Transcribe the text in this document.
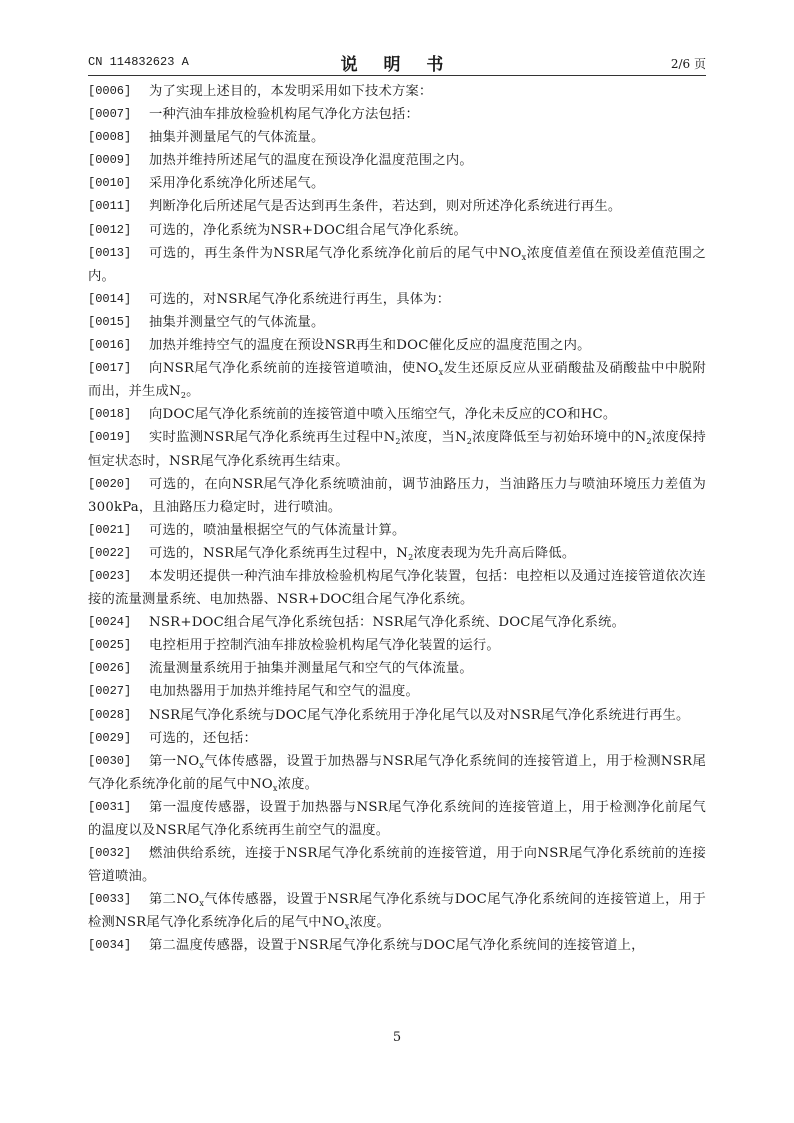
CN 114832623 A	说 明 书	2/6 页
[0006] 为了实现上述目的，本发明采用如下技术方案：
[0007] 一种汽油车排放检验机构尾气净化方法包括：
[0008] 抽集并测量尾气的气体流量。
[0009] 加热并维持所述尾气的温度在预设净化温度范围之内。
[0010] 采用净化系统净化所述尾气。
[0011] 判断净化后所述尾气是否达到再生条件，若达到，则对所述净化系统进行再生。
[0012] 可选的，净化系统为NSR+DOC组合尾气净化系统。
[0013] 可选的，再生条件为NSR尾气净化系统净化前后的尾气中$NO_x$浓度值差值在预设差值范围之内。
[0014] 可选的，对NSR尾气净化系统进行再生，具体为：
[0015] 抽集并测量空气的气体流量。
[0016] 加热并维持空气的温度在预设NSR再生和DOC催化反应的温度范围之内。
[0017] 向NSR尾气净化系统前的连接管道喷油，使$NO_x$发生还原反应从亚硝酸盐及硝酸盐中中脱附而出，并生成$N_2$。
[0018] 向DOC尾气净化系统前的连接管道中喷入压缩空气，净化未反应的CO和HC。
[0019] 实时监测NSR尾气净化系统再生过程中$N_2$浓度，当$N_2$浓度降低至与初始环境中的$N_2$浓度保持恒定状态时，NSR尾气净化系统再生结束。
[0020] 可选的，在向NSR尾气净化系统喷油前，调节油路压力，当油路压力与喷油环境压力差值为300kPa，且油路压力稳定时，进行喷油。
[0021] 可选的，喷油量根据空气的气体流量计算。
[0022] 可选的，NSR尾气净化系统再生过程中，$N_2$浓度表现为先升高后降低。
[0023] 本发明还提供一种汽油车排放检验机构尾气净化装置，包括：电控柜以及通过连接管道依次连接的流量测量系统、电加热器、NSR+DOC组合尾气净化系统。
[0024] NSR+DOC组合尾气净化系统包括：NSR尾气净化系统、DOC尾气净化系统。
[0025] 电控柜用于控制汽油车排放检验机构尾气净化装置的运行。
[0026] 流量测量系统用于抽集并测量尾气和空气的气体流量。
[0027] 电加热器用于加热并维持尾气和空气的温度。
[0028] NSR尾气净化系统与DOC尾气净化系统用于净化尾气以及对NSR尾气净化系统进行再生。
[0029] 可选的，还包括：
[0030] 第一$NO_x$气体传感器，设置于加热器与NSR尾气净化系统间的连接管道上，用于检测NSR尾气净化系统净化前的尾气中$NO_x$浓度。
[0031] 第一温度传感器，设置于加热器与NSR尾气净化系统间的连接管道上，用于检测净化前尾气的温度以及NSR尾气净化系统再生前空气的温度。
[0032] 燃油供给系统，连接于NSR尾气净化系统前的连接管道，用于向NSR尾气净化系统前的连接管道喷油。
[0033] 第二$NO_x$气体传感器，设置于NSR尾气净化系统与DOC尾气净化系统间的连接管道上，用于检测NSR尾气净化系统净化后的尾气中$NO_x$浓度。
[0034] 第二温度传感器，设置于NSR尾气净化系统与DOC尾气净化系统间的连接管道上，
5
